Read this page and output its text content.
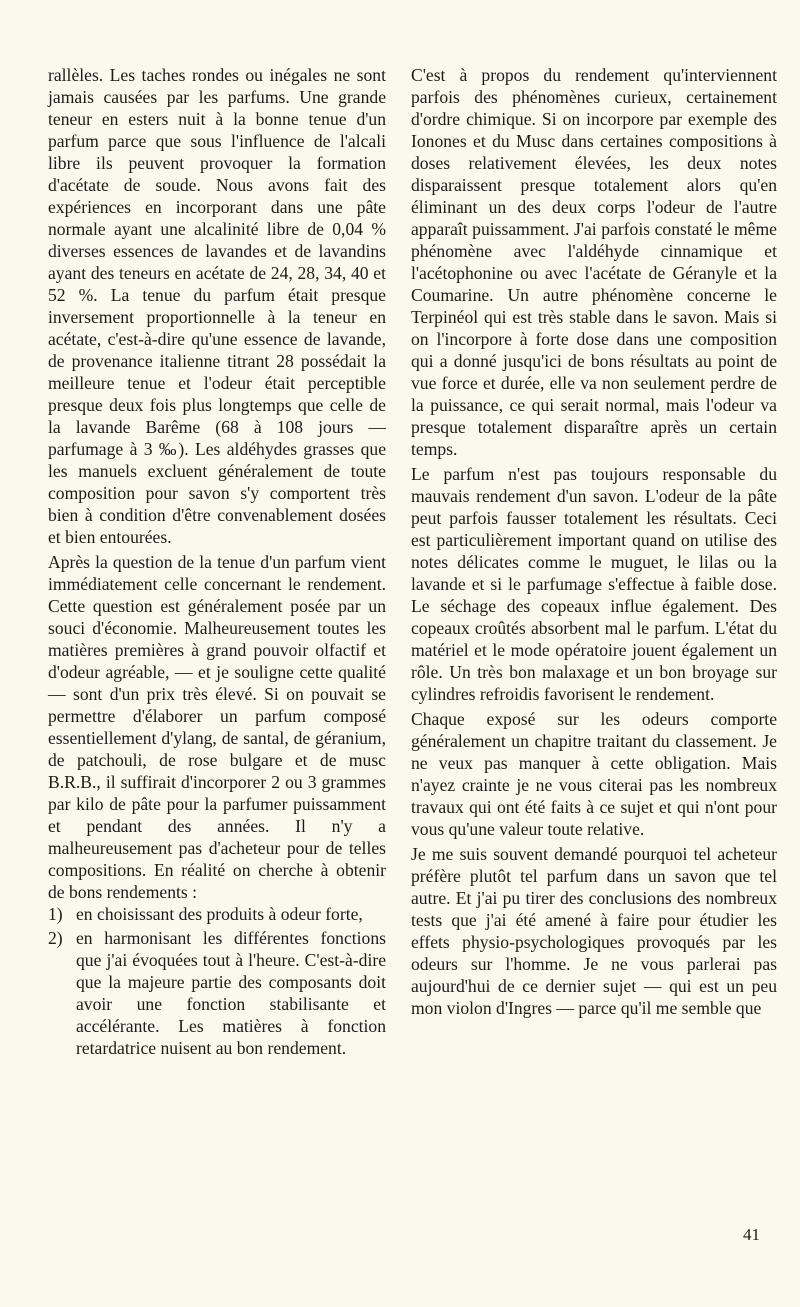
rallèles. Les taches rondes ou inégales ne sont jamais causées par les parfums. Une grande teneur en esters nuit à la bonne tenue d'un parfum parce que sous l'influence de l'alcali libre ils peuvent provoquer la formation d'acétate de soude. Nous avons fait des expériences en incorporant dans une pâte normale ayant une alcalinité libre de 0,04 % diverses essences de lavandes et de lavandins ayant des teneurs en acétate de 24, 28, 34, 40 et 52 %. La tenue du parfum était presque inversement proportionnelle à la teneur en acétate, c'est-à-dire qu'une essence de lavande, de provenance italienne titrant 28 possédait la meilleure tenue et l'odeur était perceptible presque deux fois plus longtemps que celle de la lavande Barême (68 à 108 jours — parfumage à 3 ‰). Les aldéhydes grasses que les manuels excluent généralement de toute composition pour savon s'y comportent très bien à condition d'être convenablement dosées et bien entourées.

Après la question de la tenue d'un parfum vient immédiatement celle concernant le rendement. Cette question est généralement posée par un souci d'économie. Malheureusement toutes les matières premières à grand pouvoir olfactif et d'odeur agréable, — et je souligne cette qualité — sont d'un prix très élevé. Si on pouvait se permettre d'élaborer un parfum composé essentiellement d'ylang, de santal, de géranium, de patchouli, de rose bulgare et de musc B.R.B., il suffirait d'incorporer 2 ou 3 grammes par kilo de pâte pour la parfumer puissamment et pendant des années. Il n'y a malheureusement pas d'acheteur pour de telles compositions. En réalité on cherche à obtenir de bons rendements :

1) en choisissant des produits à odeur forte,
2) en harmonisant les différentes fonctions que j'ai évoquées tout à l'heure. C'est-à-dire que la majeure partie des composants doit avoir une fonction stabilisante et accélérante. Les matières à fonction retardatrice nuisent au bon rendement.

C'est à propos du rendement qu'interviennent parfois des phénomènes curieux, certainement d'ordre chimique. Si on incorpore par exemple des Ionones et du Musc dans certaines compositions à doses relativement élevées, les deux notes disparaissent presque totalement alors qu'en éliminant un des deux corps l'odeur de l'autre apparaît puissamment. J'ai parfois constaté le même phénomène avec l'aldéhyde cinnamique et l'acétophonine ou avec l'acétate de Géranyle et la Coumarine. Un autre phénomène concerne le Terpinéol qui est très stable dans le savon. Mais si on l'incorpore à forte dose dans une composition qui a donné jusqu'ici de bons résultats au point de vue force et durée, elle va non seulement perdre de la puissance, ce qui serait normal, mais l'odeur va presque totalement disparaître après un certain temps.

Le parfum n'est pas toujours responsable du mauvais rendement d'un savon. L'odeur de la pâte peut parfois fausser totalement les résultats. Ceci est particulièrement important quand on utilise des notes délicates comme le muguet, le lilas ou la lavande et si le parfumage s'effectue à faible dose. Le séchage des copeaux influe également. Des copeaux croûtés absorbent mal le parfum. L'état du matériel et le mode opératoire jouent également un rôle. Un très bon malaxage et un bon broyage sur cylindres refroidis favorisent le rendement.

Chaque exposé sur les odeurs comporte généralement un chapitre traitant du classement. Je ne veux pas manquer à cette obligation. Mais n'ayez crainte je ne vous citerai pas les nombreux travaux qui ont été faits à ce sujet et qui n'ont pour vous qu'une valeur toute relative.

Je me suis souvent demandé pourquoi tel acheteur préfère plutôt tel parfum dans un savon que tel autre. Et j'ai pu tirer des conclusions des nombreux tests que j'ai été amené à faire pour étudier les effets physio-psychologiques provoqués par les odeurs sur l'homme. Je ne vous parlerai pas aujourd'hui de ce dernier sujet — qui est un peu mon violon d'Ingres — parce qu'il me semble que

41
